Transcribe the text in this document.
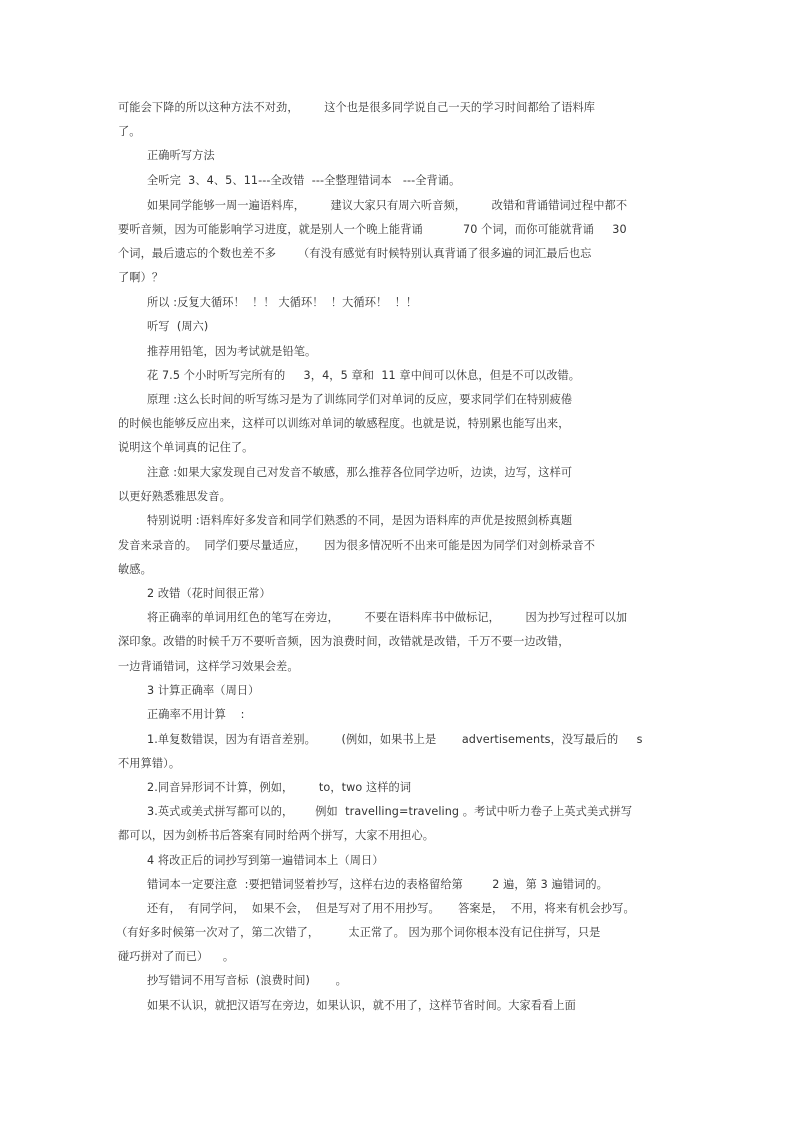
可能会下降的所以这种方法不对劲，       这个也是很多同学说自己一天的学习时间都给了语料库

了。

正确听写方法

全听完  3、4、5、11---全改错  ---全整理错词本   ---全背诵。

如果同学能够一周一遍语料库，       建议大家只有周六听音频，       改错和背诵错词过程中都不

要听音频，因为可能影响学习进度，就是别人一个晚上能背诵           70 个词，而你可能就背诵     30

个词，最后遗忘的个数也差不多      （有没有感觉有时候特别认真背诵了很多遍的词汇最后也忘

了啊）？

所以 :反复大循环！  ！！ 大循环！  ！大循环！  ！！

听写  (周六)

推荐用铅笔，因为考试就是铅笔。

花 7.5 个小时听写完所有的     3，4，5 章和  11 章中间可以休息，但是不可以改错。

原理 :这么长时间的听写练习是为了训练同学们对单词的反应，要求同学们在特别疲倦

的时候也能够反应出来，这样可以训练对单词的敏感程度。也就是说，特别累也能写出来，

说明这个单词真的记住了。

注意 :如果大家发现自己对发音不敏感，那么推荐各位同学边听，边读，边写，这样可

以更好熟悉雅思发音。

特别说明 :语料库好多发音和同学们熟悉的不同，是因为语料库的声优是按照剑桥真题

发音来录音的。  同学们要尽量适应，     因为很多情况听不出来可能是因为同学们对剑桥录音不

敏感。

2 改错（花时间很正常）

将正确率的单词用红色的笔写在旁边，       不要在语料库书中做标记，       因为抄写过程可以加

深印象。改错的时候千万不要听音频，因为浪费时间，改错就是改错，千万不要一边改错，

一边背诵错词，这样学习效果会差。

3 计算正确率（周日）

正确率不用计算    :

1.单复数错误，因为有语音差别。       (例如，如果书上是       advertisements，没写最后的     s

不用算错）。

2.同音异形词不计算，例如，       to，two 这样的词

3.英式或美式拼写都可以的，      例如  travelling=traveling 。考试中听力卷子上英式美式拼写

都可以，因为剑桥书后答案有同时给两个拼写，大家不用担心。

4 将改正后的词抄写到第一遍错词本上（周日）

错词本一定要注意  :要把错词竖着抄写，这样右边的表格留给第        2 遍，第 3 遍错词的。

还有，  有同学问，  如果不会，  但是写对了用不用抄写。     答案是，  不用，将来有机会抄写。

（有好多时候第一次对了，第二次错了，        太正常了。 因为那个词你根本没有记住拼写，只是

碰巧拼对了而已）    。

抄写错词不用写音标  (浪费时间)       。

如果不认识，就把汉语写在旁边，如果认识，就不用了，这样节省时间。大家看看上面
